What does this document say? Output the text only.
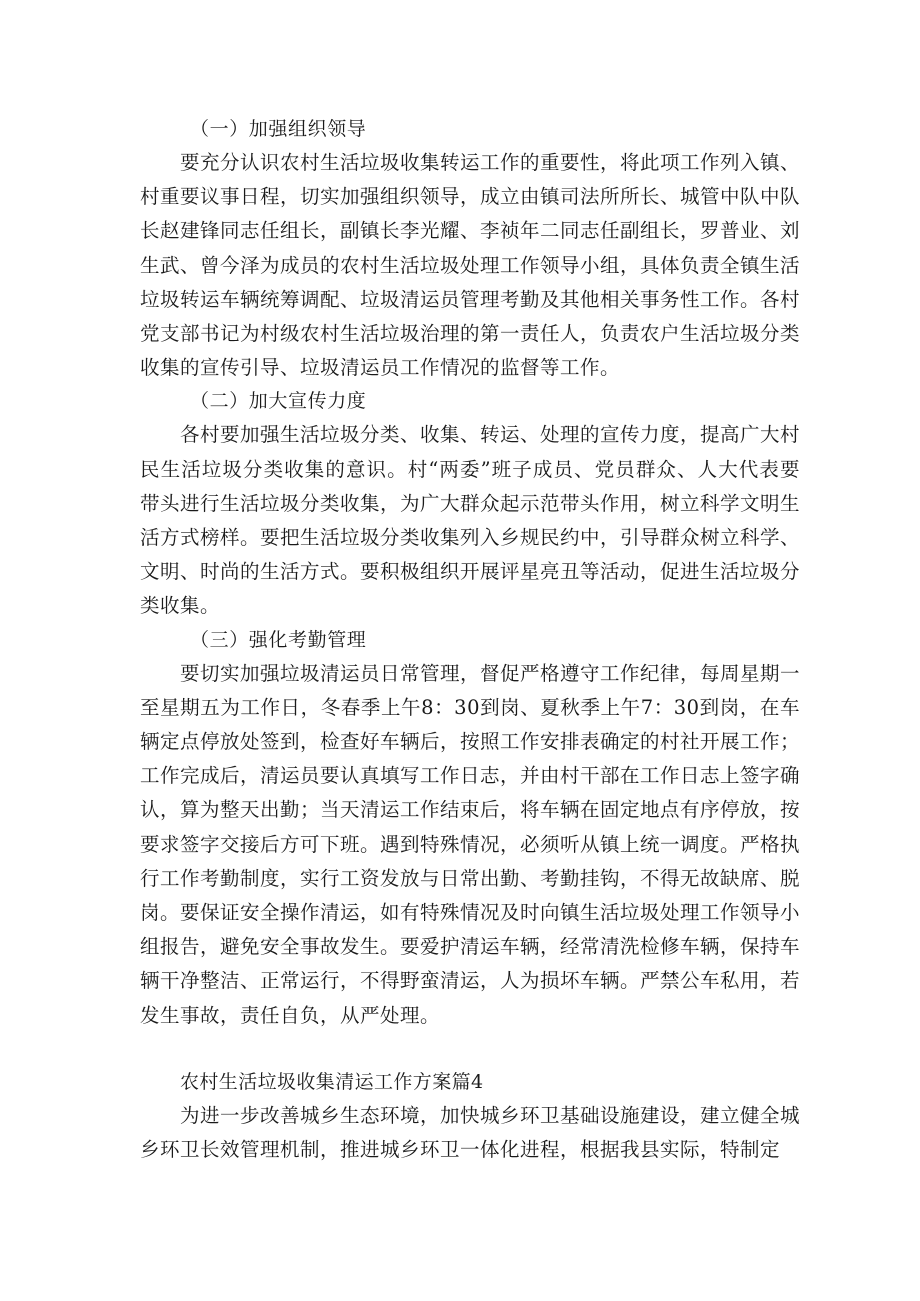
（一）加强组织领导

要充分认识农村生活垃圾收集转运工作的重要性，将此项工作列入镇、村重要议事日程，切实加强组织领导，成立由镇司法所所长、城管中队中队长赵建锋同志任组长，副镇长李光耀、李祯年二同志任副组长，罗普业、刘生武、曾今泽为成员的农村生活垃圾处理工作领导小组，具体负责全镇生活垃圾转运车辆统筹调配、垃圾清运员管理考勤及其他相关事务性工作。各村党支部书记为村级农村生活垃圾治理的第一责任人，负责农户生活垃圾分类收集的宣传引导、垃圾清运员工作情况的监督等工作。

（二）加大宣传力度

各村要加强生活垃圾分类、收集、转运、处理的宣传力度，提高广大村民生活垃圾分类收集的意识。村“两委”班子成员、党员群众、人大代表要带头进行生活垃圾分类收集，为广大群众起示范带头作用，树立科学文明生活方式榜样。要把生活垃圾分类收集列入乡规民约中，引导群众树立科学、文明、时尚的生活方式。要积极组织开展评星亮丑等活动，促进生活垃圾分类收集。

（三）强化考勤管理

要切实加强垃圾清运员日常管理，督促严格遵守工作纪律，每周星期一至星期五为工作日，冬春季上午8：30到岗、夏秋季上午7：30到岗，在车辆定点停放处签到，检查好车辆后，按照工作安排表确定的村社开展工作；工作完成后，清运员要认真填写工作日志，并由村干部在工作日志上签字确认，算为整天出勤；当天清运工作结束后，将车辆在固定地点有序停放，按要求签字交接后方可下班。遇到特殊情况，必须听从镇上统一调度。严格执行工作考勤制度，实行工资发放与日常出勤、考勤挂钩，不得无故缺席、脱岗。要保证安全操作清运，如有特殊情况及时向镇生活垃圾处理工作领导小组报告，避免安全事故发生。要爱护清运车辆，经常清洗检修车辆，保持车辆干净整洁、正常运行，不得野蛮清运，人为损坏车辆。严禁公车私用，若发生事故，责任自负，从严处理。

农村生活垃圾收集清运工作方案篇4

为进一步改善城乡生态环境，加快城乡环卫基础设施建设，建立健全城乡环卫长效管理机制，推进城乡环卫一体化进程，根据我县实际，特制定
